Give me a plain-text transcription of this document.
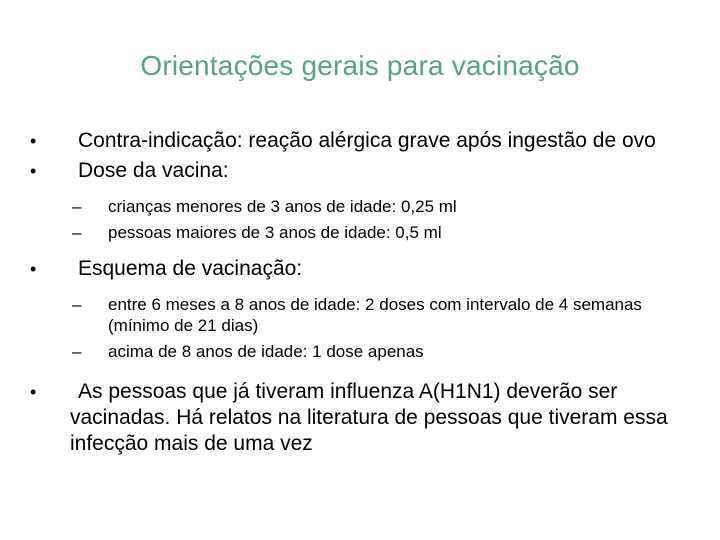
Orientações gerais para vacinação
•	Contra-indicação: reação alérgica grave após ingestão de ovo
•	Dose da vacina:
– crianças menores de 3 anos de idade: 0,25 ml
– pessoas maiores de 3 anos de idade: 0,5 ml
•	Esquema de vacinação:
– entre 6 meses a 8 anos de idade: 2 doses com intervalo de 4 semanas (mínimo de 21 dias)
– acima de 8 anos de idade: 1 dose apenas
•	As pessoas que já tiveram influenza A(H1N1) deverão ser vacinadas. Há relatos na literatura de pessoas que tiveram essa infecção mais de uma vez
